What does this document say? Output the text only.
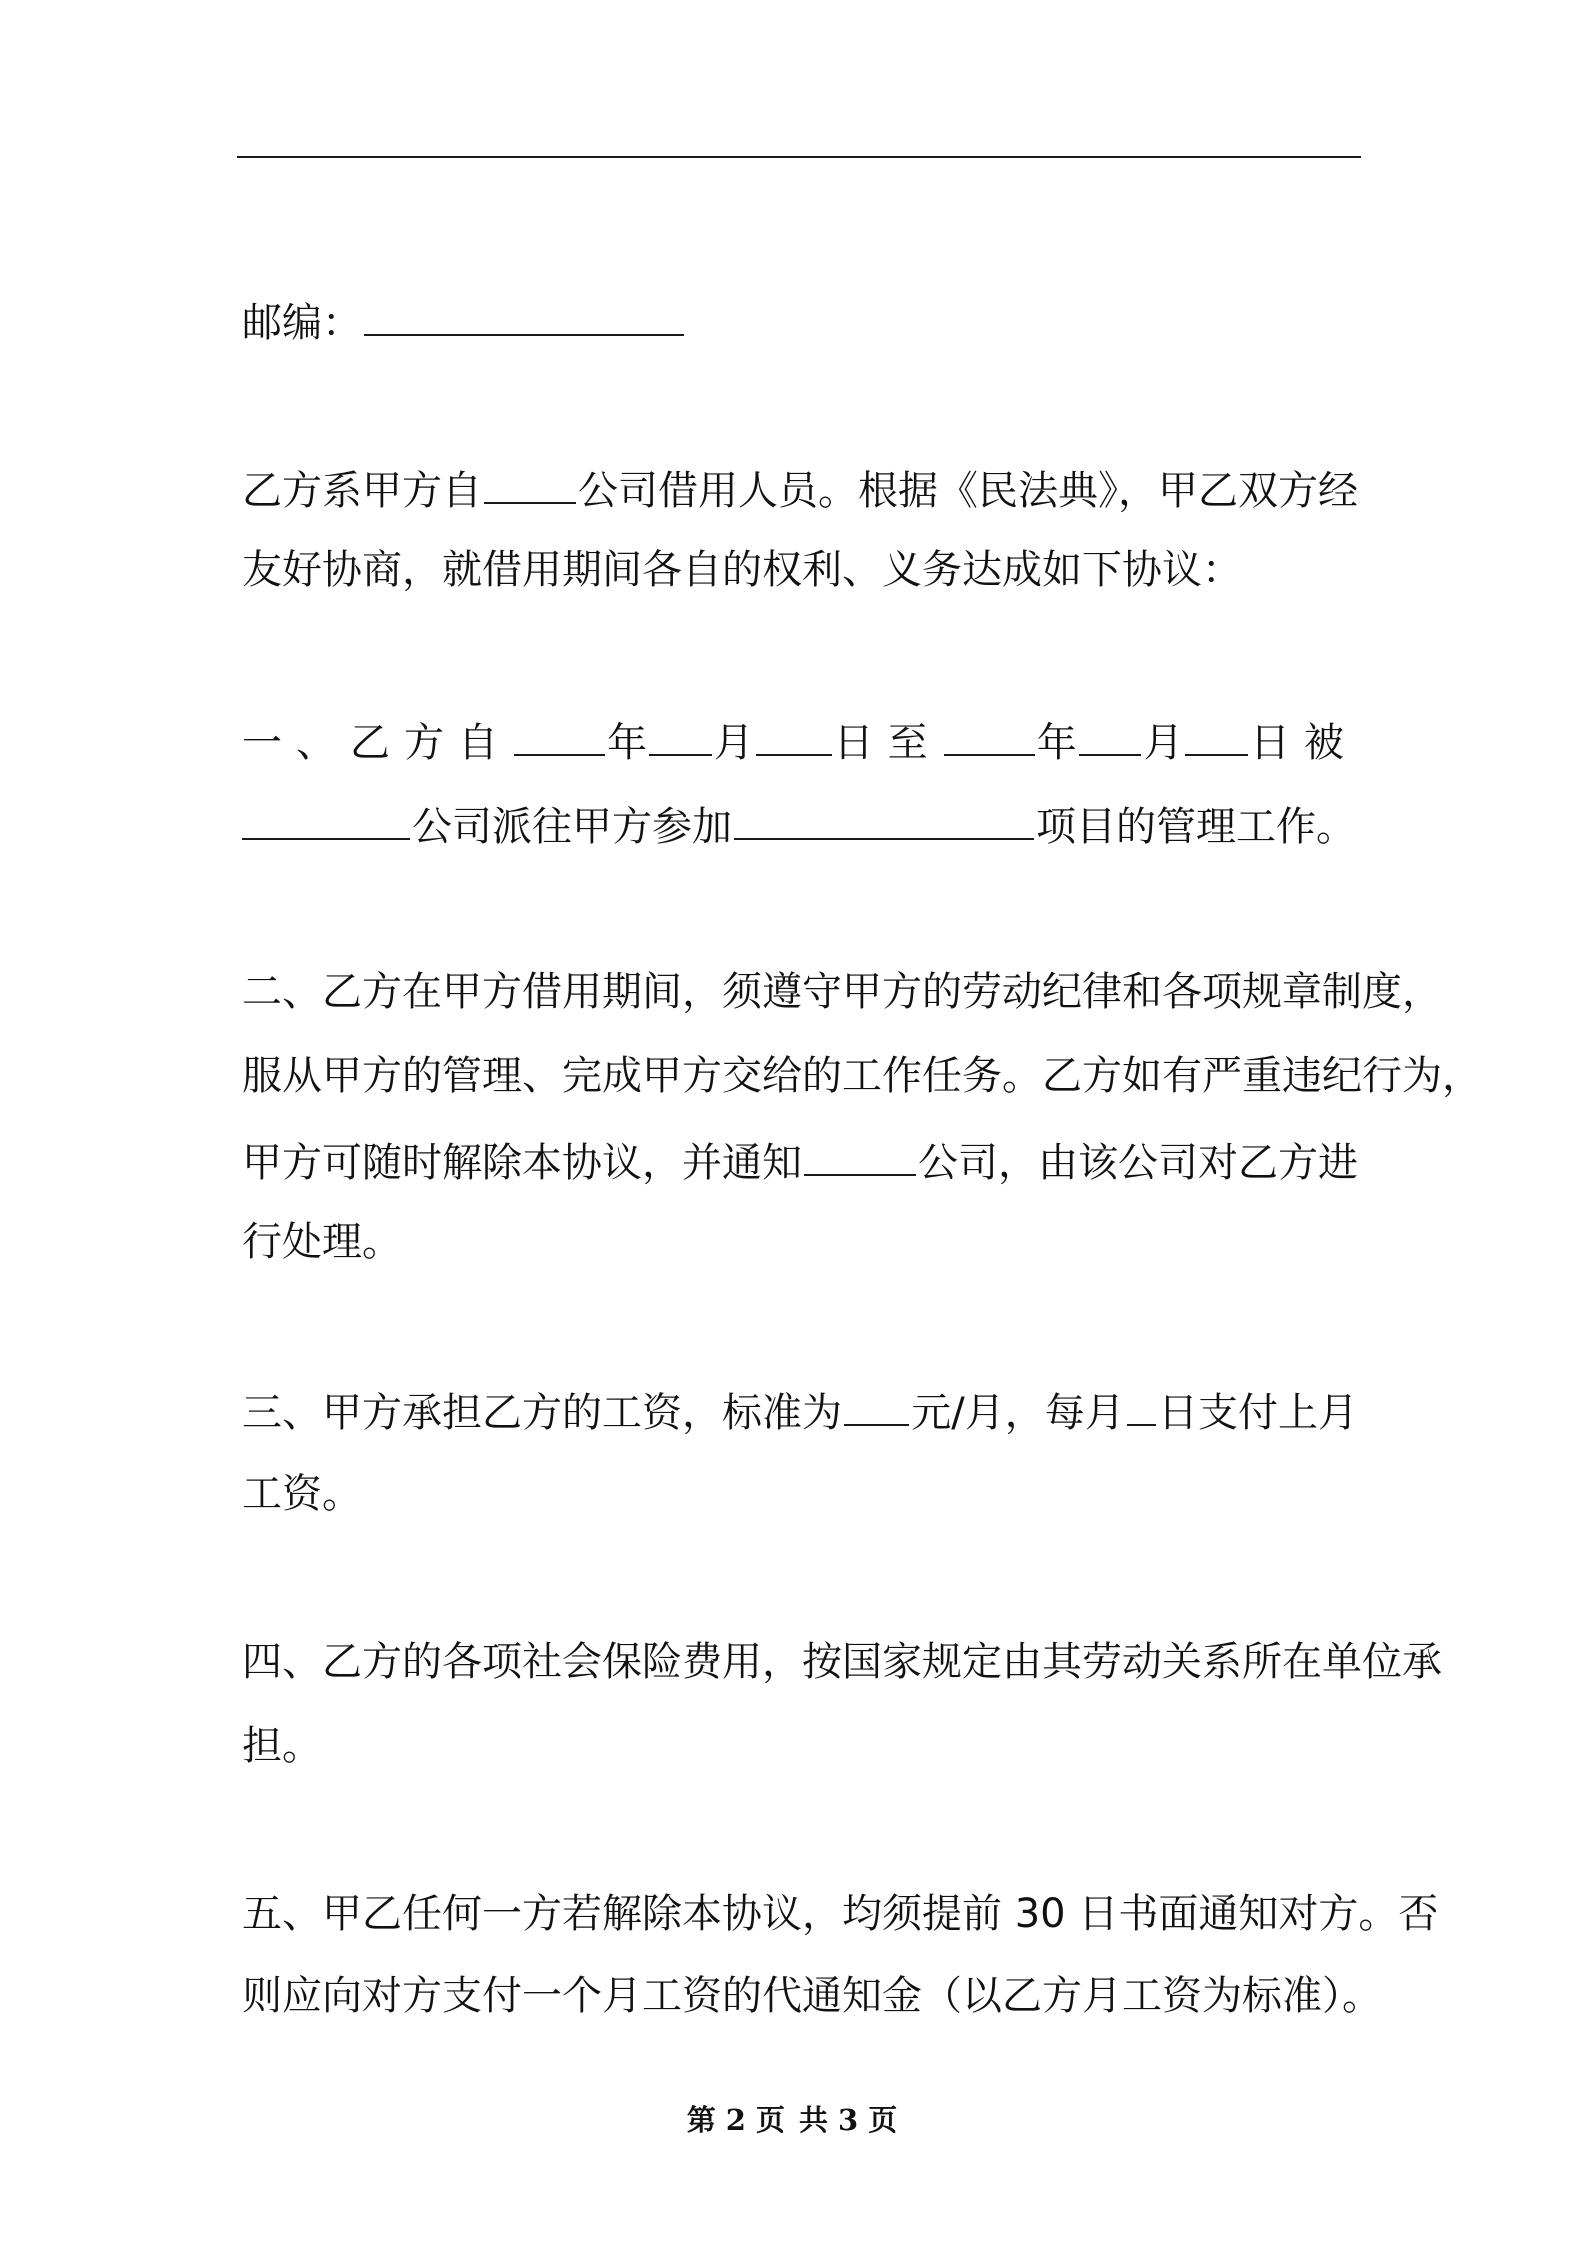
邮编：
乙方系甲方自 公司借用人员。根据《民法典》，甲乙双方经
友好协商，就借用期间各自的权利、义务达成如下协议：
一、乙方自 年 月 日至 年 月 日被
公司派往甲方参加	项目的管理工作。
二、乙方在甲方借用期间，须遵守甲方的劳动纪律和各项规章制度，
服从甲方的管理、完成甲方交给的工作任务。乙方如有严重违纪行为，
甲方可随时解除本协议，并通知	公司，由该公司对乙方进
行处理。
三、甲方承担乙方的工资，标准为 元/月，每月 日支付上月
工资。
四、乙方的各项社会保险费用，按国家规定由其劳动关系所在单位承
担。
五、甲乙任何一方若解除本协议，均须提前 30 日书面通知对方。否
则应向对方支付一个月工资的代通知金（以乙方月工资为标准）。
第 2 页 共 3 页
